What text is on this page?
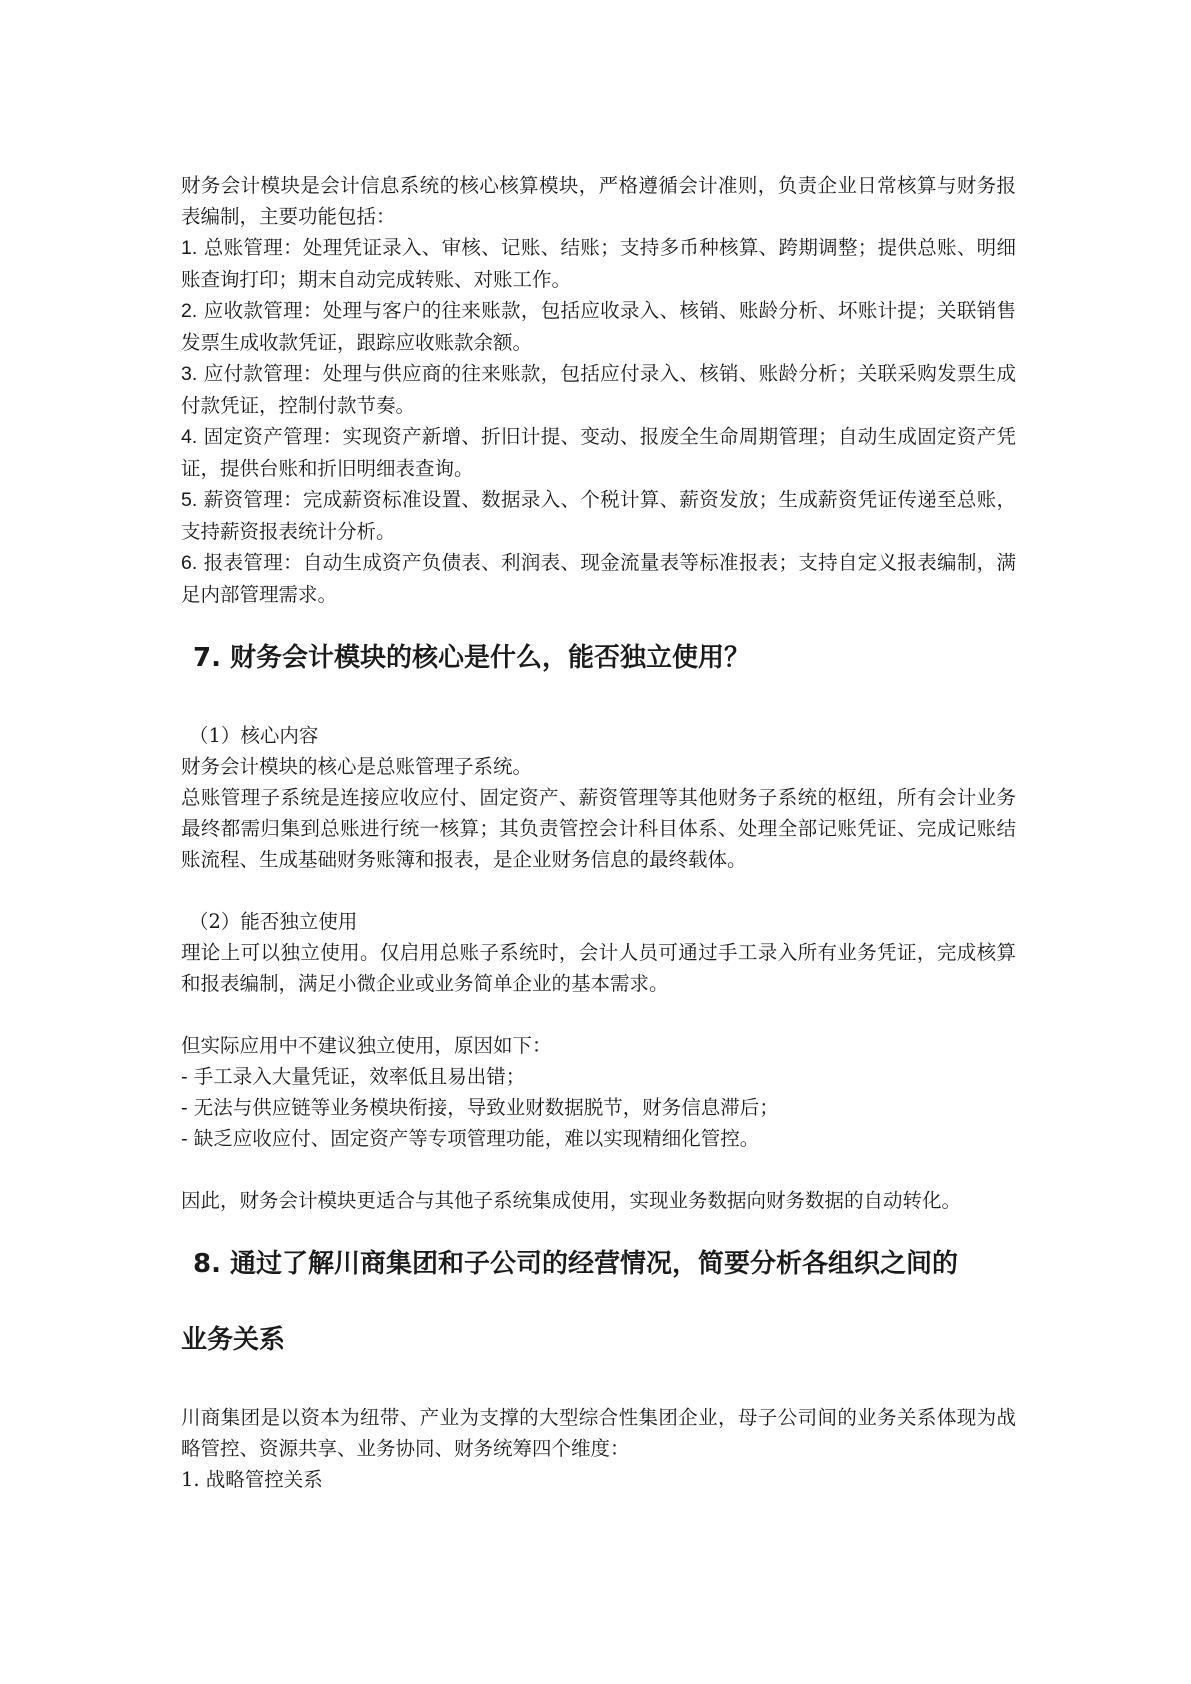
财务会计模块是会计信息系统的核心核算模块，严格遵循会计准则，负责企业日常核算与财务报表编制，主要功能包括：

1. 总账管理：处理凭证录入、审核、记账、结账；支持多币种核算、跨期调整；提供总账、明细账查询打印；期末自动完成转账、对账工作。

2. 应收款管理：处理与客户的往来账款，包括应收录入、核销、账龄分析、坏账计提；关联销售发票生成收款凭证，跟踪应收账款余额。

3. 应付款管理：处理与供应商的往来账款，包括应付录入、核销、账龄分析；关联采购发票生成付款凭证，控制付款节奏。

4. 固定资产管理：实现资产新增、折旧计提、变动、报废全生命周期管理；自动生成固定资产凭证，提供台账和折旧明细表查询。

5. 薪资管理：完成薪资标准设置、数据录入、个税计算、薪资发放；生成薪资凭证传递至总账，支持薪资报表统计分析。

6. 报表管理：自动生成资产负债表、利润表、现金流量表等标准报表；支持自定义报表编制，满足内部管理需求。

7. 财务会计模块的核心是什么，能否独立使用？

（1）核心内容

财务会计模块的核心是总账管理子系统。

总账管理子系统是连接应收应付、固定资产、薪资管理等其他财务子系统的枢纽，所有会计业务最终都需归集到总账进行统一核算；其负责管控会计科目体系、处理全部记账凭证、完成记账结账流程、生成基础财务账簿和报表，是企业财务信息的最终载体。

（2）能否独立使用

理论上可以独立使用。仅启用总账子系统时，会计人员可通过手工录入所有业务凭证，完成核算和报表编制，满足小微企业或业务简单企业的基本需求。

但实际应用中不建议独立使用，原因如下：

- 手工录入大量凭证，效率低且易出错；

- 无法与供应链等业务模块衔接，导致业财数据脱节，财务信息滞后；

- 缺乏应收应付、固定资产等专项管理功能，难以实现精细化管控。

因此，财务会计模块更适合与其他子系统集成使用，实现业务数据向财务数据的自动转化。

8. 通过了解川商集团和子公司的经营情况，简要分析各组织之间的
业务关系

川商集团是以资本为纽带、产业为支撑的大型综合性集团企业，母子公司间的业务关系体现为战略管控、资源共享、业务协同、财务统筹四个维度：

1. 战略管控关系
